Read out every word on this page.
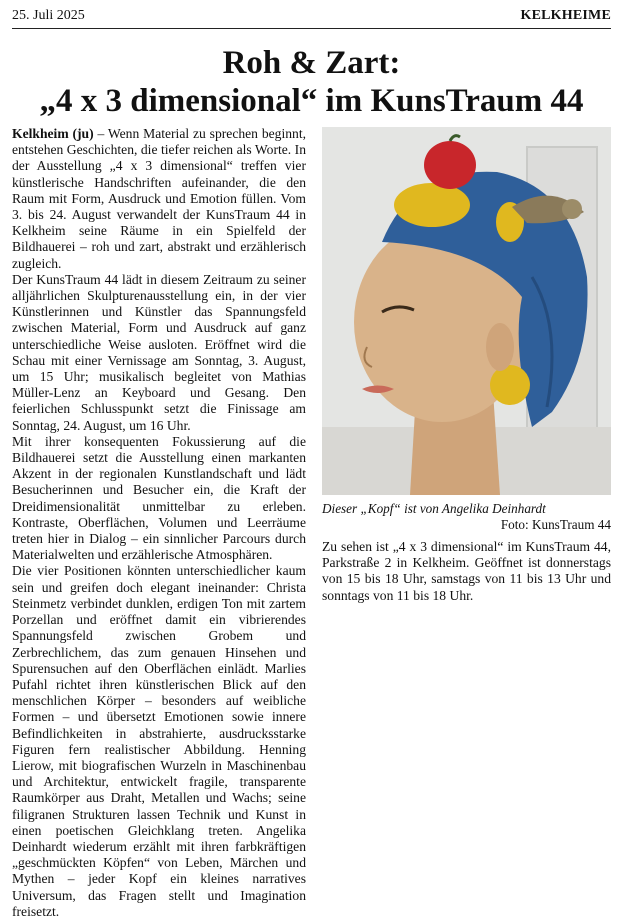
25. Juli 2025	KELKHEIME
Roh & Zart:
„4 x 3 dimensional“ im KunsTraum 44

Kelkheim (ju) – Wenn Material zu sprechen beginnt, entstehen Geschichten, die tiefer reichen als Worte. In der Ausstellung „4 x 3 dimensional“ treffen vier künstlerische Handschriften aufeinander, die den Raum mit Form, Ausdruck und Emotion füllen. Vom 3. bis 24. August verwandelt der KunsTraum 44 in Kelkheim seine Räume in ein Spielfeld der Bildhauerei – roh und zart, abstrakt und erzählerisch zugleich.

Der KunsTraum 44 lädt in diesem Zeitraum zu seiner alljährlichen Skulpturenausstellung ein, in der vier Künstlerinnen und Künstler das Spannungsfeld zwischen Material, Form und Ausdruck auf ganz unterschiedliche Weise ausloten. Eröffnet wird die Schau mit einer Vernissage am Sonntag, 3. August, um 15 Uhr; musikalisch begleitet von Mathias Müller-Lenz an Keyboard und Gesang. Den feierlichen Schlusspunkt setzt die Finissage am Sonntag, 24. August, um 16 Uhr.

Mit ihrer konsequenten Fokussierung auf die Bildhauerei setzt die Ausstellung einen markanten Akzent in der regionalen Kunstlandschaft und lädt Besucherinnen und Besucher ein, die Kraft der Dreidimensionalität unmittelbar zu erleben. Kontraste, Oberflächen, Volumen und Leerräume treten hier in Dialog – ein sinnlicher Parcours durch Materialwelten und erzählerische Atmosphären.

Die vier Positionen könnten unterschiedlicher kaum sein und greifen doch elegant ineinander: Christa Steinmetz verbindet dunklen, erdigen Ton mit zartem Porzellan und eröffnet damit ein vibrierendes Spannungsfeld zwischen Grobem und Zerbrechlichem, das zum genauen Hinsehen und Spurensuchen auf den Oberflächen einlädt. Marlies Pufahl richtet ihren künstlerischen Blick auf den menschlichen Körper – besonders auf weibliche Formen – und übersetzt Emotionen sowie innere Befindlichkeiten in abstrahierte, ausdrucksstarke Figuren fern realistischer Abbildung. Henning Lierow, mit biografischen Wurzeln in Maschinenbau und Architektur, entwickelt fragile, transparente Raumkörper aus Draht, Metallen und Wachs; seine filigranen Strukturen lassen Technik und Kunst in einen poetischen Gleichklang treten. Angelika Deinhardt wiederum erzählt mit ihren farbkräftigen „geschmückten Köpfen“ von Leben, Märchen und Mythen – jeder Kopf ein kleines narratives Universum, das Fragen stellt und Imagination freisetzt.

Dieser „Kopf“ ist von Angelika Deinhardt
Foto: KunsTraum 44

Zu sehen ist „4 x 3 dimensional“ im KunsTraum 44, Parkstraße 2 in Kelkheim. Geöffnet ist donnerstags von 15 bis 18 Uhr, samstags von 11 bis 13 Uhr und sonntags von 11 bis 18 Uhr.
